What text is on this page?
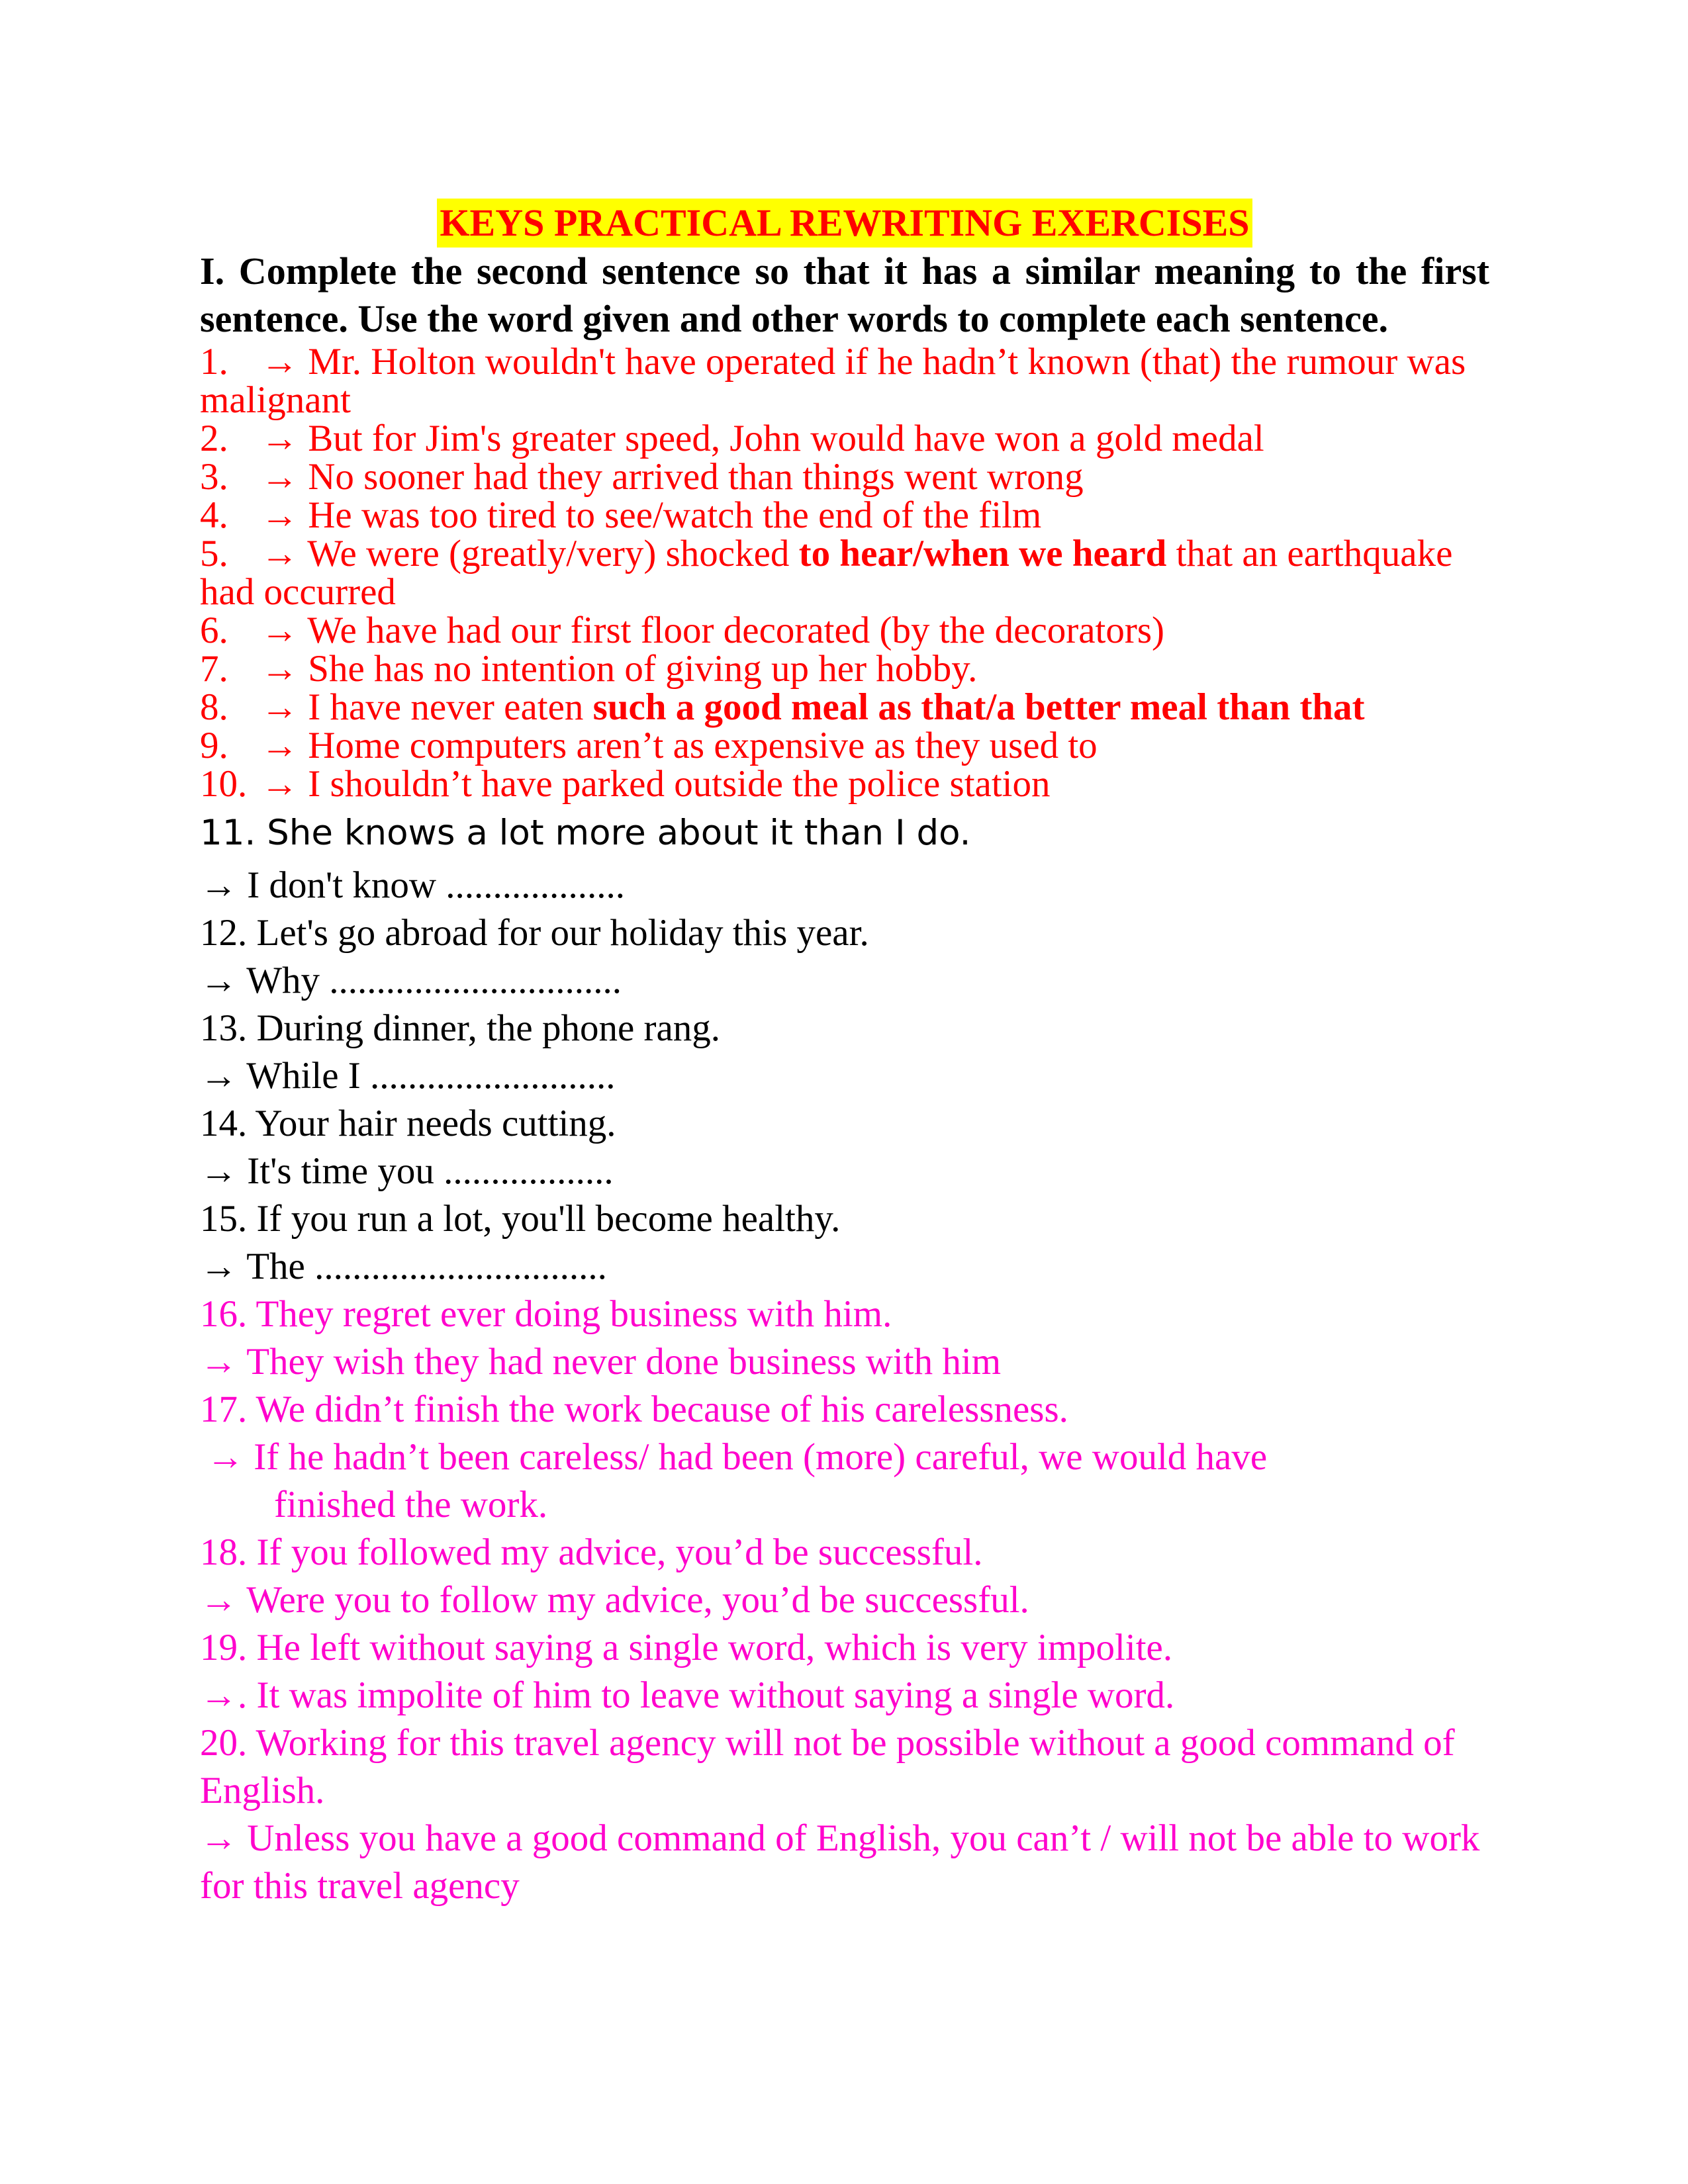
KEYS PRACTICAL REWRITING EXERCISES

I. Complete the second sentence so that it has a similar meaning to the first sentence. Use the word given and other words to complete each sentence.

1. → Mr. Holton wouldn't have operated if he hadn’t known (that) the rumour was malignant
2. → But for Jim's greater speed, John would have won a gold medal
3. → No sooner had they arrived than things went wrong
4. → He was too tired to see/watch the end of the film
5. → We were (greatly/very) shocked to hear/when we heard that an earthquake had occurred
6. → We have had our first floor decorated (by the decorators)
7. → She has no intention of giving up her hobby.
8. → I have never eaten such a good meal as that/a better meal than that
9. → Home computers aren’t as expensive as they used to
10. → I shouldn’t have parked outside the police station
11. She knows a lot more about it than I do.
→ I don't know ...................
12. Let's go abroad for our holiday this year.
→ Why ...............................
13. During dinner, the phone rang.
→ While I ..........................
14. Your hair needs cutting.
→ It's time you ..................
15. If you run a lot, you'll become healthy.
→ The ...............................
16. They regret ever doing business with him.
→ They wish they had never done business with him
17. We didn’t finish the work because of his carelessness.
→ If he hadn’t been careless/ had been (more) careful, we would have
finished the work.
18. If you followed my advice, you’d be successful.
→ Were you to follow my advice, you’d be successful.
19. He left without saying a single word, which is very impolite.
→. It was impolite of him to leave without saying a single word.
20. Working for this travel agency will not be possible without a good command of English.
→ Unless you have a good command of English, you can’t / will not be able to work for this travel agency
